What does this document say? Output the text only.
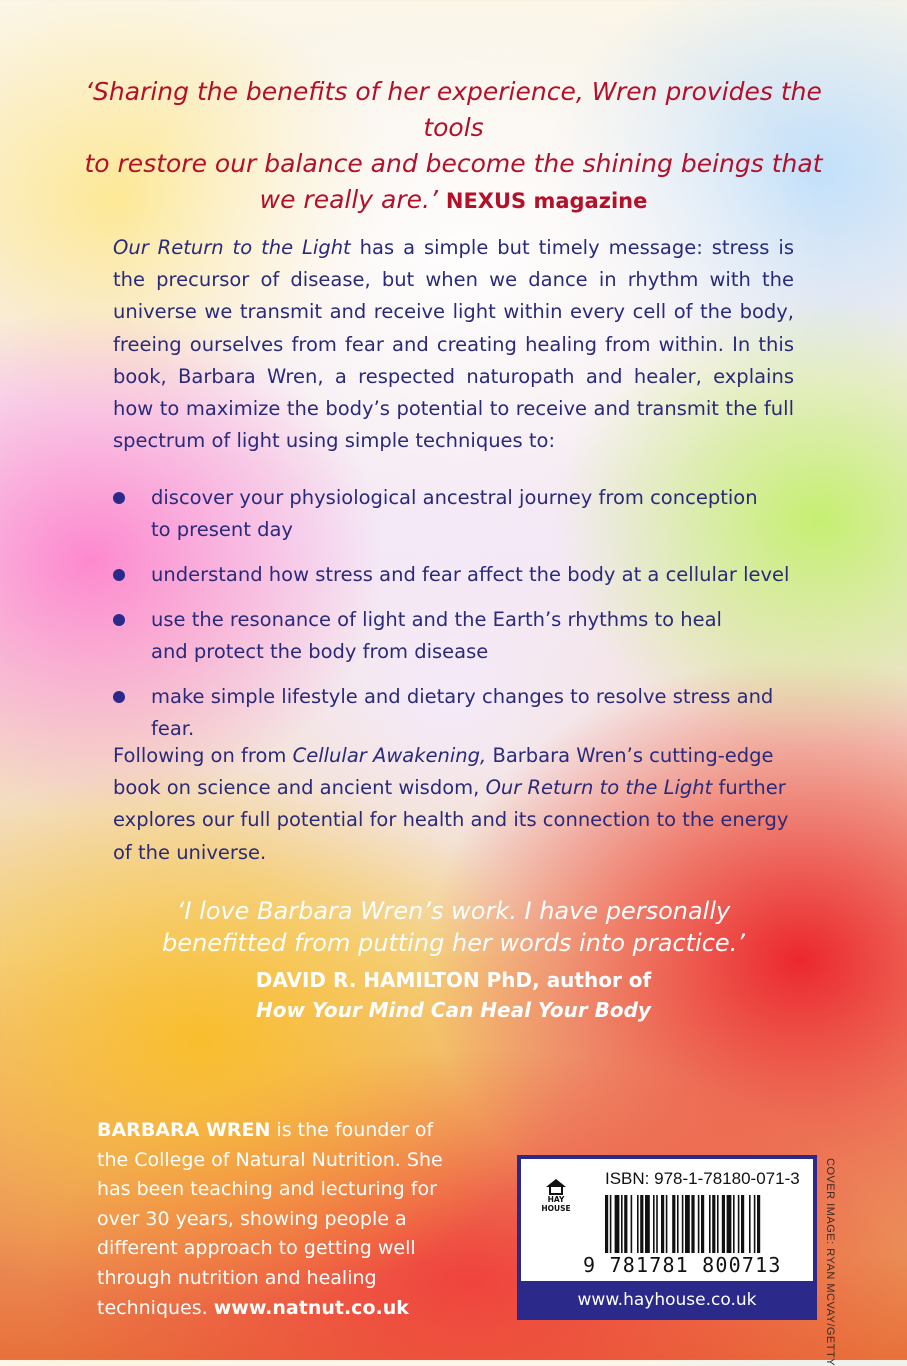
‘Sharing the benefits of her experience, Wren provides the tools
to restore our balance and become the shining beings that
we really are.’ NEXUS magazine

Our Return to the Light has a simple but timely message: stress is the precursor of disease, but when we dance in rhythm with the universe we transmit and receive light within every cell of the body, freeing ourselves from fear and creating healing from within. In this book, Barbara Wren, a respected naturopath and healer, explains how to maximize the body’s potential to receive and transmit the full spectrum of light using simple techniques to:

discover your physiological ancestral journey from conception
to present day
understand how stress and fear affect the body at a cellular level
use the resonance of light and the Earth’s rhythms to heal
and protect the body from disease
make simple lifestyle and dietary changes to resolve stress and fear.

Following on from Cellular Awakening, Barbara Wren’s cutting-edge book on science and ancient wisdom, Our Return to the Light further explores our full potential for health and its connection to the energy of the universe.

‘I love Barbara Wren’s work. I have personally
benefitted from putting her words into practice.’
DAVID R. HAMILTON PhD, author of
How Your Mind Can Heal Your Body

BARBARA WREN is the founder of the College of Natural Nutrition. She has been teaching and lecturing for over 30 years, showing people a different approach to getting well through nutrition and healing techniques. www.natnut.co.uk

HAY
HOUSE
ISBN: 978-1-78180-071-3
9 781781 800713
www.hayhouse.co.uk	COVER IMAGE: RYAN MCVAY/GETTY
